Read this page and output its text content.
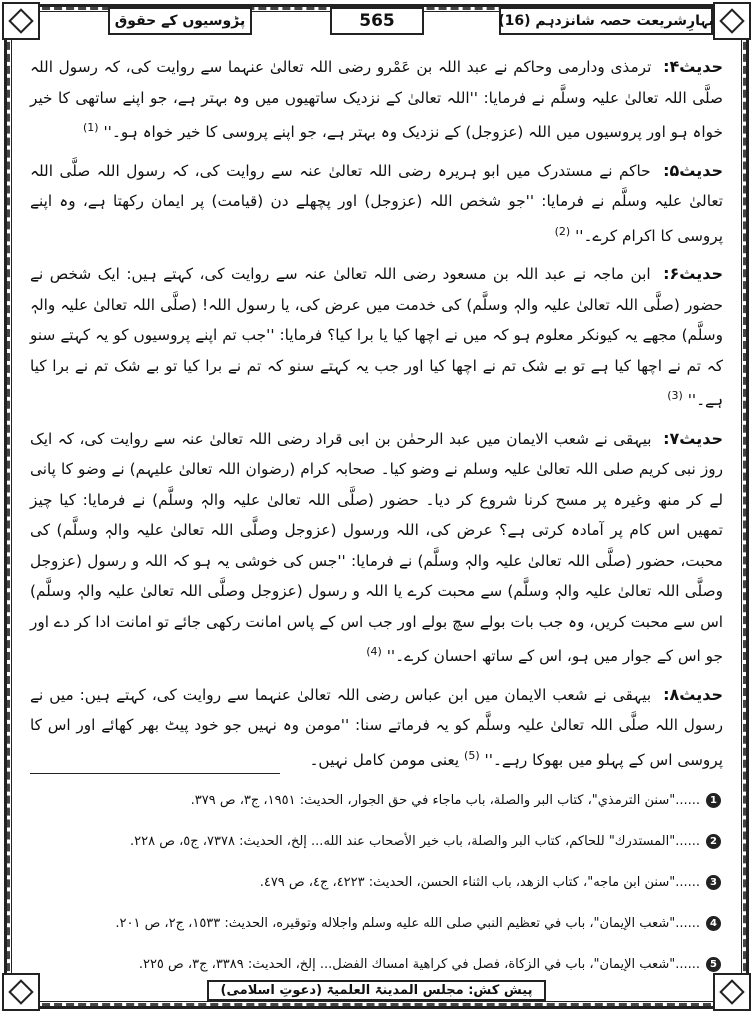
بہارِشریعت حصہ شانزدہم (16)
565
پڑوسیوں کے حقوق

حدیث۴: ترمذی ودارمی وحاکم نے عبد اللہ بن عَمْرو رضی اللہ تعالیٰ عنہما سے روایت کی، کہ رسول اللہ صلَّی اللہ تعالیٰ علیہ وسلَّم نے فرمایا: ''اللہ تعالیٰ کے نزدیک ساتھیوں میں وہ بہتر ہے، جو اپنے ساتھی کا خیر خواہ ہو اور پروسیوں میں اللہ (عزوجل) کے نزدیک وہ بہتر ہے، جو اپنے پروسی کا خیر خواہ ہو۔'' $^{(1)}$

حدیث۵: حاکم نے مستدرک میں ابو ہریرہ رضی اللہ تعالیٰ عنہ سے روایت کی، کہ رسول اللہ صلَّی اللہ تعالیٰ علیہ وسلَّم نے فرمایا: ''جو شخص اللہ (عزوجل) اور پچھلے دن (قیامت) پر ایمان رکھتا ہے، وہ اپنے پروسی کا اکرام کرے۔'' $^{(2)}$

حدیث۶: ابن ماجہ نے عبد اللہ بن مسعود رضی اللہ تعالیٰ عنہ سے روایت کی، کہتے ہیں: ایک شخص نے حضور (صلَّی اللہ تعالیٰ علیہ والہٖ وسلَّم) کی خدمت میں عرض کی، یا رسول اللہ! (صلَّی اللہ تعالیٰ علیہ والہٖ وسلَّم) مجھے یہ کیونکر معلوم ہو کہ میں نے اچھا کیا یا برا کیا؟ فرمایا: ''جب تم اپنے پروسیوں کو یہ کہتے سنو کہ تم نے اچھا کیا ہے تو بے شک تم نے اچھا کیا اور جب یہ کہتے سنو کہ تم نے برا کیا تو بے شک تم نے برا کیا ہے۔'' $^{(3)}$

حدیث۷: بیہقی نے شعب الایمان میں عبد الرحمٰن بن ابی قراد رضی اللہ تعالیٰ عنہ سے روایت کی، کہ ایک روز نبی کریم صلی اللہ تعالیٰ علیہ وسلم نے وضو کیا۔ صحابہ کرام (رضوان اللہ تعالیٰ علیہم) نے وضو کا پانی لے کر منھ وغیرہ پر مسح کرنا شروع کر دیا۔ حضور (صلَّی اللہ تعالیٰ علیہ والہٖ وسلَّم) نے فرمایا: کیا چیز تمھیں اس کام پر آمادہ کرتی ہے؟ عرض کی، اللہ ورسول (عزوجل وصلَّی اللہ تعالیٰ علیہ والہٖ وسلَّم) کی محبت، حضور (صلَّی اللہ تعالیٰ علیہ والہٖ وسلَّم) نے فرمایا: ''جس کی خوشی یہ ہو کہ اللہ و رسول (عزوجل وصلَّی اللہ تعالیٰ علیہ والہٖ وسلَّم) سے محبت کرے یا اللہ و رسول (عزوجل وصلَّی اللہ تعالیٰ علیہ والہٖ وسلَّم) اس سے محبت کریں، وہ جب بات بولے سچ بولے اور جب اس کے پاس امانت رکھی جائے تو امانت ادا کر دے اور جو اس کے جوار میں ہو، اس کے ساتھ احسان کرے۔'' $^{(4)}$

حدیث۸: بیہقی نے شعب الایمان میں ابن عباس رضی اللہ تعالیٰ عنہما سے روایت کی، کہتے ہیں: میں نے رسول اللہ صلَّی اللہ تعالیٰ علیہ وسلَّم کو یہ فرماتے سنا: ''مومن وہ نہیں جو خود پیٹ بھر کھائے اور اس کا پروسی اس کے پہلو میں بھوکا رہے۔'' $^{(5)}$ یعنی مومن کامل نہیں۔

1
......"سنن الترمذي"، كتاب البر والصلة، باب ماجاء في حق الجوار، الحديث: ١٩٥١، ج٣، ص ٣٧٩.
2
......"المستدرك" للحاكم، كتاب البر والصلة، باب خير الأصحاب عند الله... إلخ، الحديث: ٧٣٧٨، ج٥، ص ٢٢٨.
3
......"سنن ابن ماجه"، كتاب الزهد، باب الثناء الحسن، الحديث: ٤٢٢٣، ج٤، ص ٤٧٩.
4
......"شعب الإيمان"، باب في تعظيم النبي صلى الله عليه وسلم واجلاله وتوقيره، الحديث: ١٥٣٣، ج٢، ص ٢٠١.
5
......"شعب الإيمان"، باب في الزكاة، فصل في كراهية امساك الفضل... إلخ، الحديث: ٣٣٨٩، ج٣، ص ٢٢٥.
پیش کش: مجلس المدینۃ العلمیۃ (دعوتِ اسلامی)
